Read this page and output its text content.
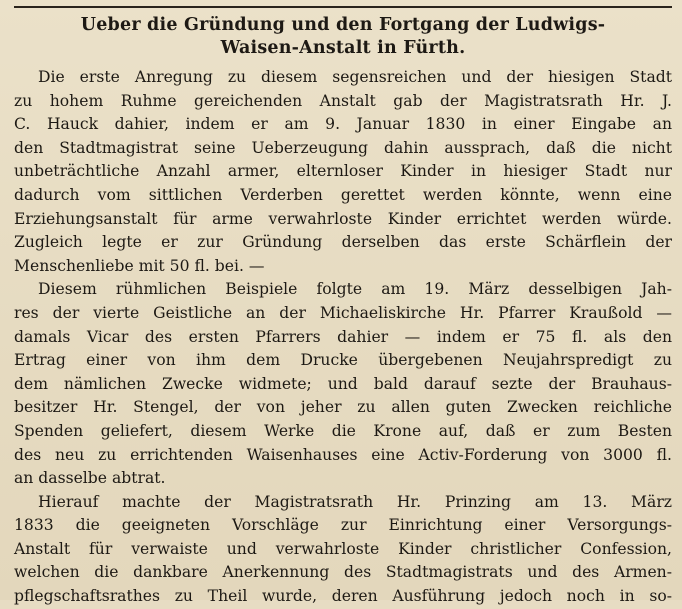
Ueber die Gründung und den Fortgang der Ludwigs-
Waisen-Anstalt in Fürth.

Die erste Anregung zu diesem segensreichen und der hiesigen Stadt
zu hohem Ruhme gereichenden Anstalt gab der Magistratsrath Hr. J.
C. Hauck dahier, indem er am 9. Januar 1830 in einer Eingabe an
den Stadtmagistrat seine Ueberzeugung dahin aussprach, daß die nicht
unbeträchtliche Anzahl armer, elternloser Kinder in hiesiger Stadt nur
dadurch vom sittlichen Verderben gerettet werden könnte, wenn eine
Erziehungsanstalt für arme verwahrloste Kinder errichtet werden würde.
Zugleich legte er zur Gründung derselben das erste Schärflein der
Menschenliebe mit 50 fl. bei. —

Diesem rühmlichen Beispiele folgte am 19. März desselbigen Jah-
res der vierte Geistliche an der Michaeliskirche Hr. Pfarrer Kraußold —
damals Vicar des ersten Pfarrers dahier — indem er 75 fl. als den
Ertrag einer von ihm dem Drucke übergebenen Neujahrspredigt zu
dem nämlichen Zwecke widmete; und bald darauf sezte der Brauhaus-
besitzer Hr. Stengel, der von jeher zu allen guten Zwecken reichliche
Spenden geliefert, diesem Werke die Krone auf, daß er zum Besten
des neu zu errichtenden Waisenhauses eine Activ-Forderung von 3000 fl.
an dasselbe abtrat.

Hierauf machte der Magistratsrath Hr. Prinzing am 13. März
1833 die geeigneten Vorschläge zur Einrichtung einer Versorgungs-
Anstalt für verwaiste und verwahrloste Kinder christlicher Confession,
welchen die dankbare Anerkennung des Stadtmagistrats und des Armen-
pflegschaftsrathes zu Theil wurde, deren Ausführung jedoch noch in so-
